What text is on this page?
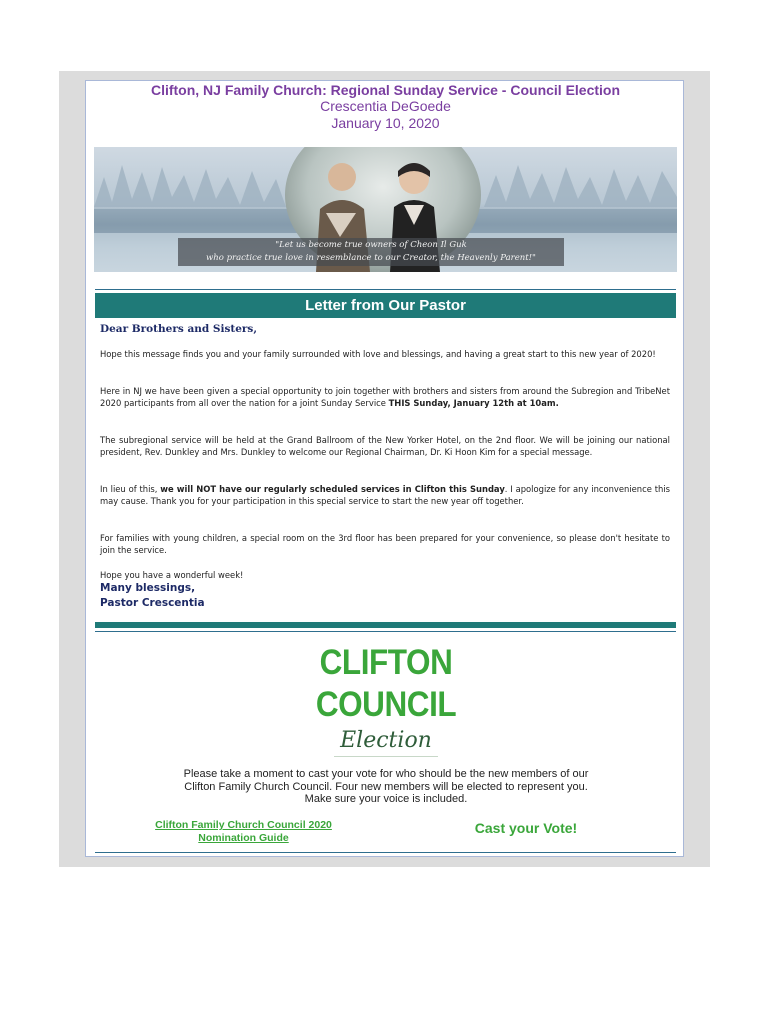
Clifton, NJ Family Church: Regional Sunday Service - Council Election
Crescentia DeGoede
January 10, 2020
"Let us become true owners of Cheon Il Guk
who practice true love in resemblance to our Creator, the Heavenly Parent!"
Letter from Our Pastor
Dear Brothers and Sisters,

Hope this message finds you and your family surrounded with love and blessings, and having a great start to this new year of 2020!

Here in NJ we have been given a special opportunity to join together with brothers and sisters from around the Subregion and TribeNet 2020 participants from all over the nation for a joint Sunday Service THIS Sunday, January 12th at 10am.

The subregional service will be held at the Grand Ballroom of the New Yorker Hotel, on the 2nd floor. We will be joining our national president, Rev. Dunkley and Mrs. Dunkley to welcome our Regional Chairman, Dr. Ki Hoon Kim for a special message.

In lieu of this, we will NOT have our regularly scheduled services in Clifton this Sunday. I apologize for any inconvenience this may cause. Thank you for your participation in this special service to start the new year off together.

For families with young children, a special room on the 3rd floor has been prepared for your convenience, so please don't hesitate to join the service.

Hope you have a wonderful week!

Many blessings,
Pastor Crescentia
CLIFTON
COUNCIL
Election
Please take a moment to cast your vote for who should be the new members of our
Clifton Family Church Council. Four new members will be elected to represent you.
Make sure your voice is included.
Clifton Family Church Council 2020
Nomination Guide
Cast your Vote!
